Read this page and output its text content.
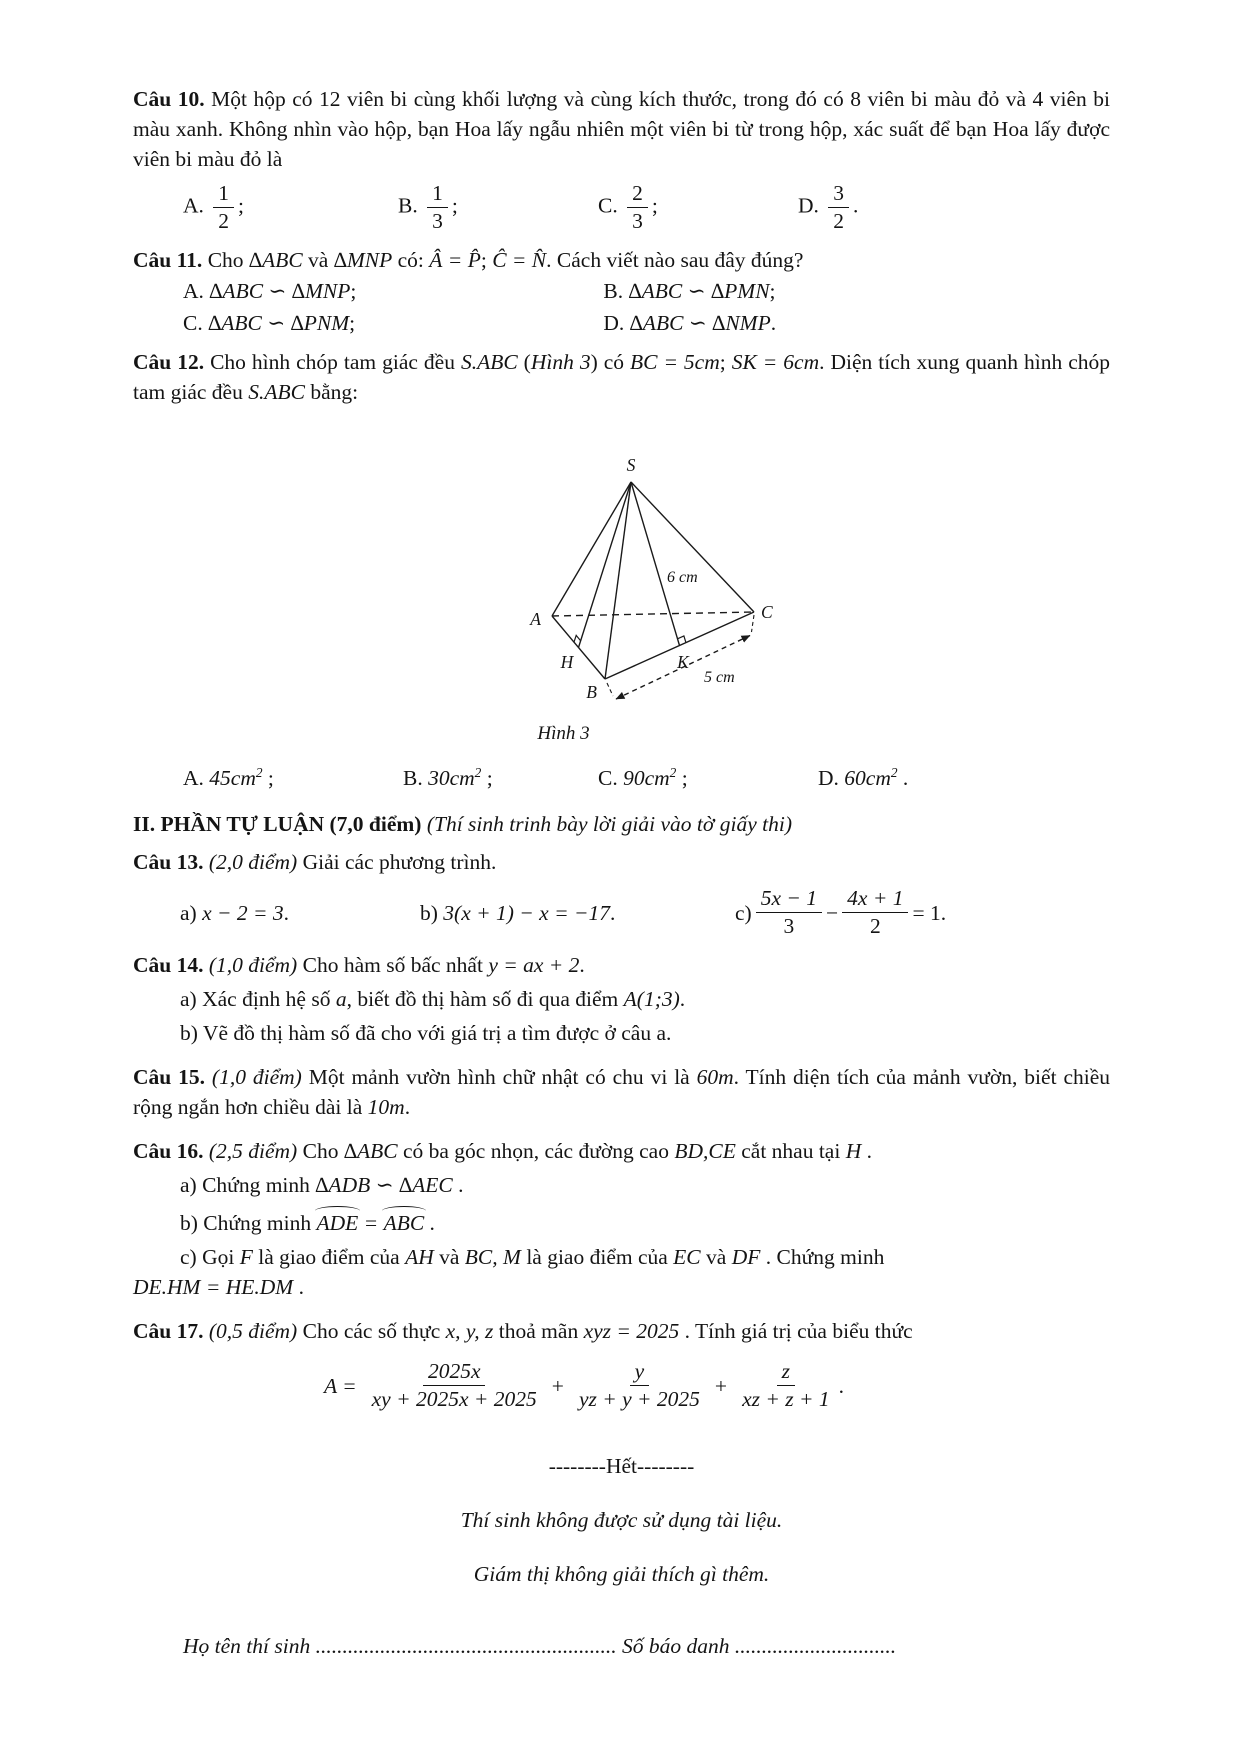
Câu 10. Một hộp có 12 viên bi cùng khối lượng và cùng kích thước, trong đó có 8 viên bi màu đỏ và 4 viên bi màu xanh. Không nhìn vào hộp, bạn Hoa lấy ngẫu nhiên một viên bi từ trong hộp, xác suất để bạn Hoa lấy được viên bi màu đỏ là

A. $\frac{1}{2}$ ;	B. $\frac{1}{3}$ ;	C. $\frac{2}{3}$ ;	D. $\frac{3}{2}$ .

Câu 11. Cho ∆ABC và ∆MNP có: Â = P̂; Ĉ = N̂. Cách viết nào sau đây đúng?

A. ∆ABC ∽ ∆MNP;	B. ∆ABC ∽ ∆PMN;
C. ∆ABC ∽ ∆PNM;	D. ∆ABC ∽ ∆NMP.

Câu 12. Cho hình chóp tam giác đều S.ABC (Hình 3) có BC = 5cm; SK = 6cm. Diện tích xung quanh hình chóp tam giác đều S.ABC bằng:

S
A
B
C
H	K
6 cm
5 cm
Hình 3
A. $45cm^2$ ;	B. $30cm^2$ ;	C. $90cm^2$ ;	D. $60cm^2$ .

II. PHẦN TỰ LUẬN (7,0 điểm) (Thí sinh trinh bày lời giải vào tờ giấy thi)

Câu 13. (2,0 điểm) Giải các phương trình.

a) x − 2 = 3.	b) 3(x + 1) − x = −17.	$c) \frac{5x - 1}{3} - \frac{4x + 1}{2} = 1$.

Câu 14. (1,0 điểm) Cho hàm số bấc nhất y = ax + 2.

a) Xác định hệ số a, biết đồ thị hàm số đi qua điểm A(1;3).

b) Vẽ đồ thị hàm số đã cho với giá trị a tìm được ở câu a.

Câu 15. (1,0 điểm) Một mảnh vườn hình chữ nhật có chu vi là 60m. Tính diện tích của mảnh vườn, biết chiều rộng ngắn hơn chiều dài là 10m.

Câu 16. (2,5 điểm) Cho ∆ABC có ba góc nhọn, các đường cao BD,CE cắt nhau tại H .

a) Chứng minh ∆ADB ∽ ∆AEC .

b) Chứng minh ADE = ABC .

c) Gọi F là giao điểm của AH và BC, M là giao điểm của EC và DF . Chứng minh

DE.HM = HE.DM .

Câu 17. (0,5 điểm) Cho các số thực x, y, z thoả mãn xyz = 2025 . Tính giá trị của biểu thức

$A = \frac{2025x}{xy + 2025x + 2025} + \frac{y}{yz + y + 2025} + \frac{z}{xz + z + 1}$ .

--------Hết--------

Thí sinh không được sử dụng tài liệu.

Giám thị không giải thích gì thêm.

Họ tên thí sinh ........................................................ Số báo danh ..............................
